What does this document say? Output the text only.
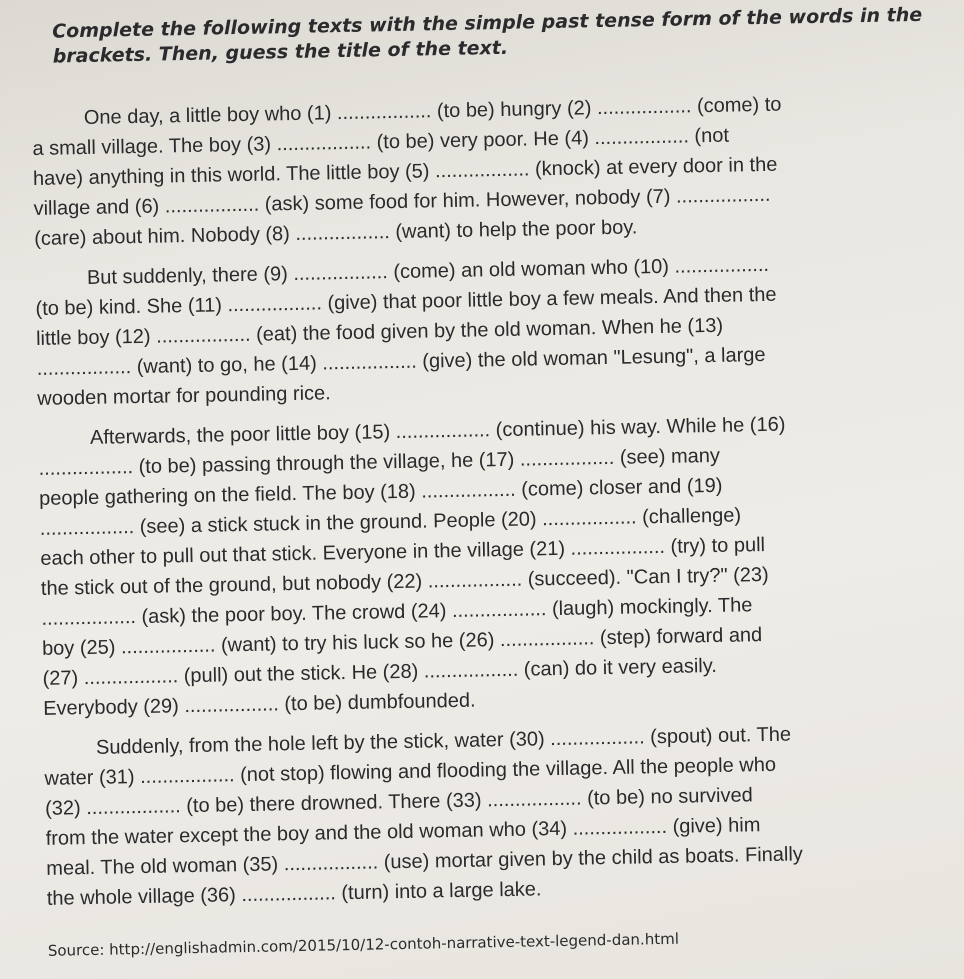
Complete the following texts with the simple past tense form of the words in the
brackets. Then, guess the title of the text.

One day, a little boy who (1) ................. (to be) hungry (2) ................. (come) to

a small village. The boy (3) ................. (to be) very poor. He (4) ................. (not

have) anything in this world. The little boy (5) ................. (knock) at every door in the

village and (6) ................. (ask) some food for him. However, nobody (7) .................

(care) about him. Nobody (8) ................. (want) to help the poor boy.

But suddenly, there (9) ................. (come) an old woman who (10) .................

(to be) kind. She (11) ................. (give) that poor little boy a few meals. And then the

little boy (12) ................. (eat) the food given by the old woman. When he (13)

................. (want) to go, he (14) ................. (give) the old woman "Lesung", a large

wooden mortar for pounding rice.

Afterwards, the poor little boy (15) ................. (continue) his way. While he (16)

................. (to be) passing through the village, he (17) ................. (see) many

people gathering on the field. The boy (18) ................. (come) closer and (19)

................. (see) a stick stuck in the ground. People (20) ................. (challenge)

each other to pull out that stick. Everyone in the village (21) ................. (try) to pull

the stick out of the ground, but nobody (22) ................. (succeed). "Can I try?" (23)

................. (ask) the poor boy. The crowd (24) ................. (laugh) mockingly. The

boy (25) ................. (want) to try his luck so he (26) ................. (step) forward and

(27) ................. (pull) out the stick. He (28) ................. (can) do it very easily.

Everybody (29) ................. (to be) dumbfounded.

Suddenly, from the hole left by the stick, water (30) ................. (spout) out. The

water (31) ................. (not stop) flowing and flooding the village. All the people who

(32) ................. (to be) there drowned. There (33) ................. (to be) no survived

from the water except the boy and the old woman who (34) ................. (give) him

meal. The old woman (35) ................. (use) mortar given by the child as boats. Finally

the whole village (36) ................. (turn) into a large lake.

Source: http://englishadmin.com/2015/10/12-contoh-narrative-text-legend-dan.html
